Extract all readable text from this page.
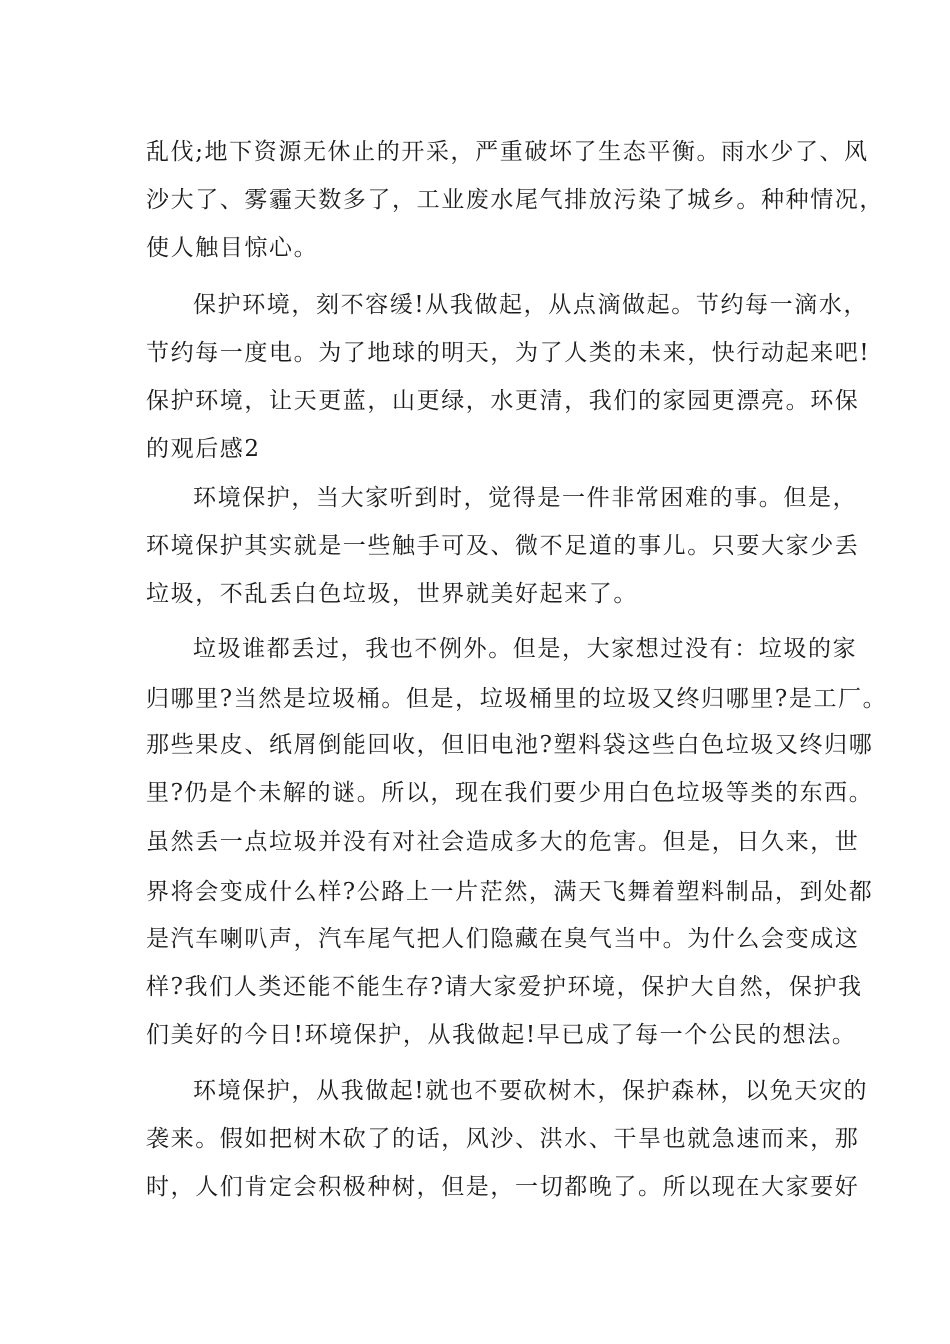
乱伐;地下资源无休止的开采，严重破坏了生态平衡。雨水少了、风
沙大了、雾霾天数多了，工业废水尾气排放污染了城乡。种种情况，
使人触目惊心。
保护环境，刻不容缓!从我做起，从点滴做起。节约每一滴水，
节约每一度电。为了地球的明天，为了人类的未来，快行动起来吧!
保护环境，让天更蓝，山更绿，水更清，我们的家园更漂亮。环保
的观后感2
环境保护，当大家听到时，觉得是一件非常困难的事。但是，
环境保护其实就是一些触手可及、微不足道的事儿。只要大家少丢
垃圾，不乱丢白色垃圾，世界就美好起来了。
垃圾谁都丢过，我也不例外。但是，大家想过没有：垃圾的家
归哪里?当然是垃圾桶。但是，垃圾桶里的垃圾又终归哪里?是工厂。
那些果皮、纸屑倒能回收，但旧电池?塑料袋这些白色垃圾又终归哪
里?仍是个未解的谜。所以，现在我们要少用白色垃圾等类的东西。
虽然丢一点垃圾并没有对社会造成多大的危害。但是，日久来，世
界将会变成什么样?公路上一片茫然，满天飞舞着塑料制品，到处都
是汽车喇叭声，汽车尾气把人们隐藏在臭气当中。为什么会变成这
样?我们人类还能不能生存?请大家爱护环境，保护大自然，保护我
们美好的今日!环境保护，从我做起!早已成了每一个公民的想法。
环境保护，从我做起!就也不要砍树木，保护森林，以免天灾的
袭来。假如把树木砍了的话，风沙、洪水、干旱也就急速而来，那
时，人们肯定会积极种树，但是，一切都晚了。所以现在大家要好
